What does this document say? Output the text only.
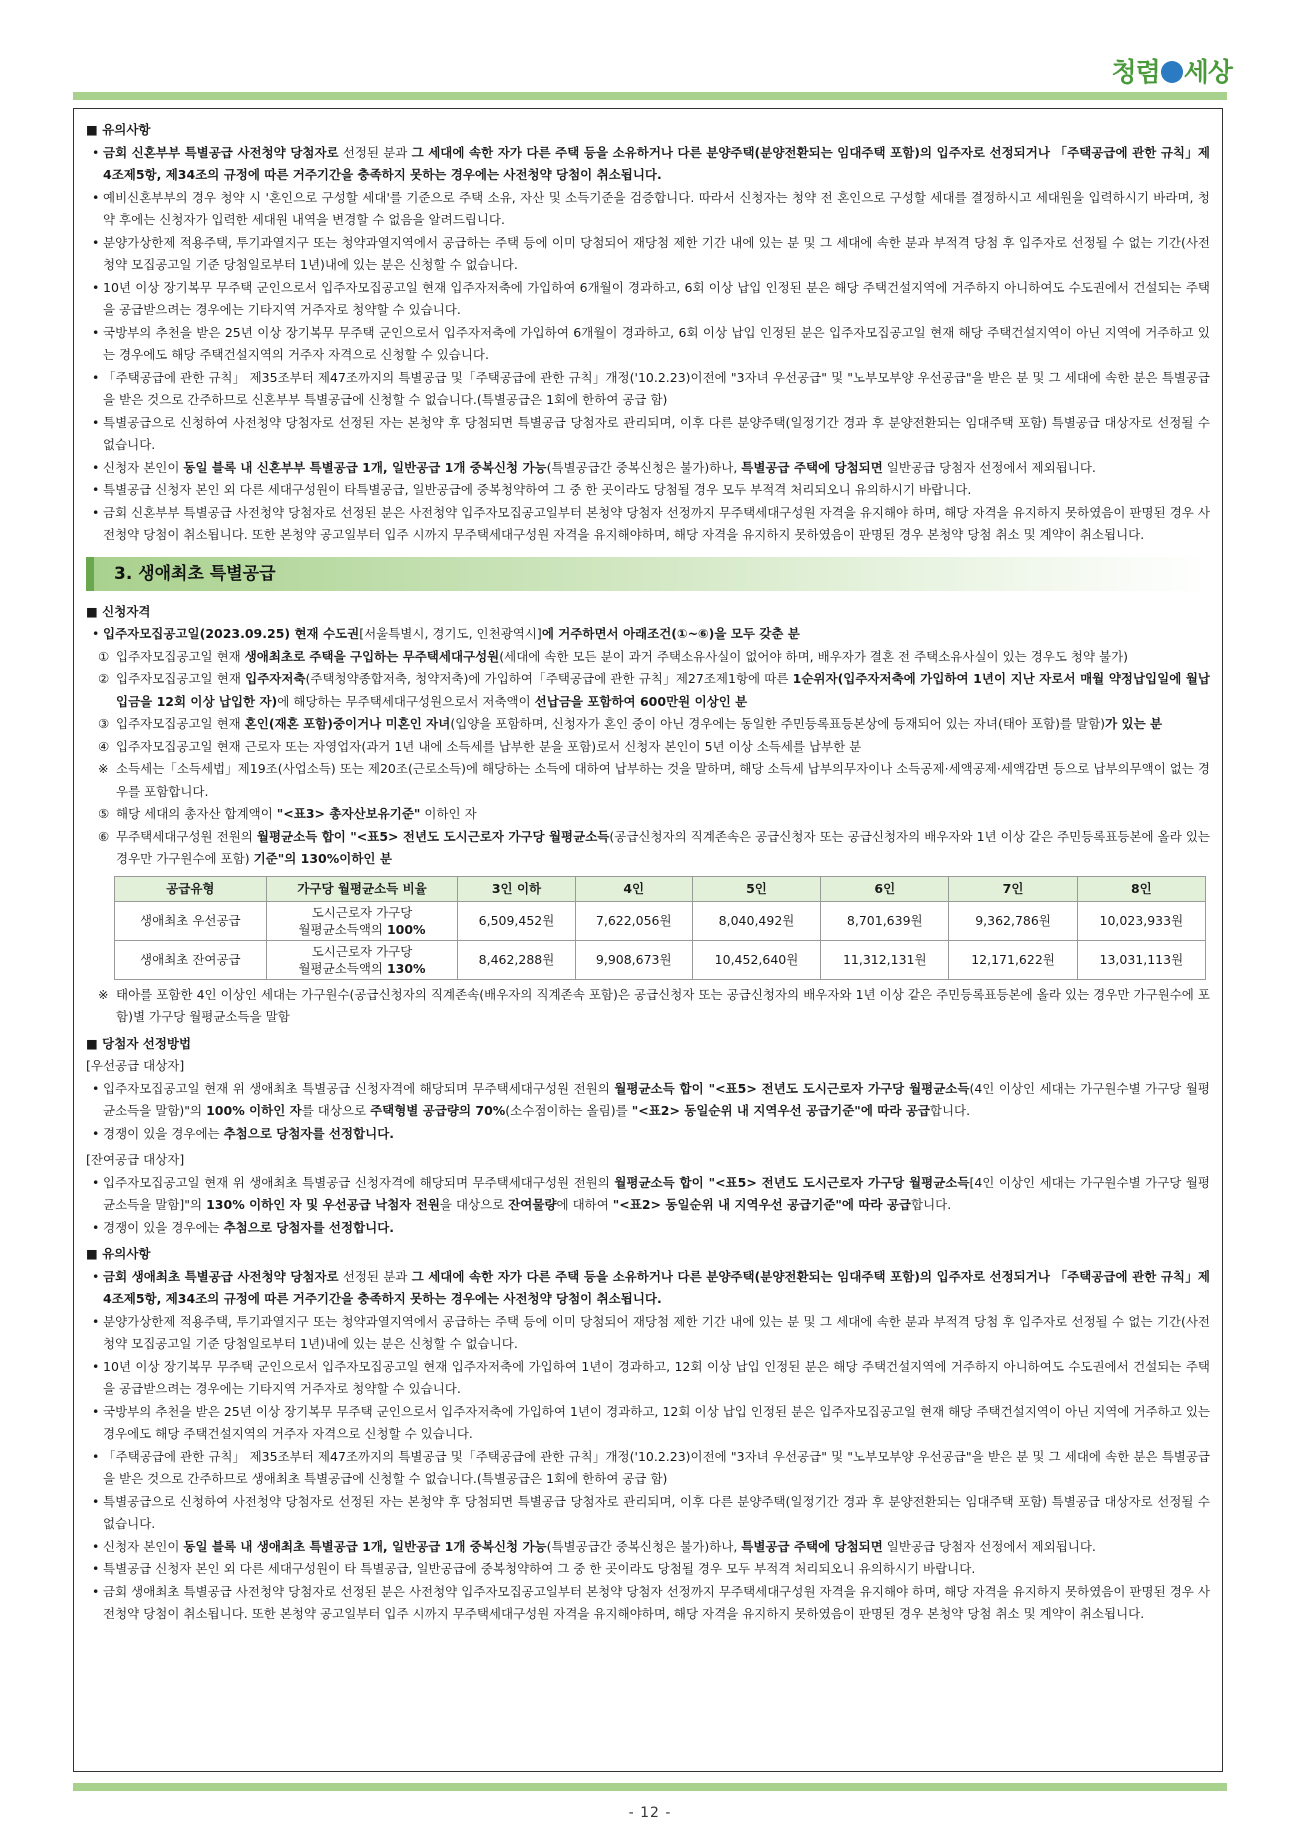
청렴 세상
■ 유의사항
• 금회 신혼부부 특별공급 사전청약 당첨자로 선정된 분과 그 세대에 속한 자가 다른 주택 등을 소유하거나 다른 분양주택(분양전환되는 임대주택 포함)의 입주자로 선정되거나 「주택공급에 관한 규칙」제4조제5항, 제34조의 규정에 따른 거주기간을 충족하지 못하는 경우에는 사전청약 당첨이 취소됩니다.
• 예비신혼부부의 경우 청약 시 '혼인으로 구성할 세대'를 기준으로 주택 소유, 자산 및 소득기준을 검증합니다. 따라서 신청자는 청약 전 혼인으로 구성할 세대를 결정하시고 세대원을 입력하시기 바라며, 청약 후에는 신청자가 입력한 세대원 내역을 변경할 수 없음을 알려드립니다.
• 분양가상한제 적용주택, 투기과열지구 또는 청약과열지역에서 공급하는 주택 등에 이미 당첨되어 재당첨 제한 기간 내에 있는 분 및 그 세대에 속한 분과 부적격 당첨 후 입주자로 선정될 수 없는 기간(사전청약 모집공고일 기준 당첨일로부터 1년)내에 있는 분은 신청할 수 없습니다.
• 10년 이상 장기복무 무주택 군인으로서 입주자모집공고일 현재 입주자저축에 가입하여 6개월이 경과하고, 6회 이상 납입 인정된 분은 해당 주택건설지역에 거주하지 아니하여도 수도권에서 건설되는 주택을 공급받으려는 경우에는 기타지역 거주자로 청약할 수 있습니다.
• 국방부의 추천을 받은 25년 이상 장기복무 무주택 군인으로서 입주자저축에 가입하여 6개월이 경과하고, 6회 이상 납입 인정된 분은 입주자모집공고일 현재 해당 주택건설지역이 아닌 지역에 거주하고 있는 경우에도 해당 주택건설지역의 거주자 자격으로 신청할 수 있습니다.
• 「주택공급에 관한 규칙」 제35조부터 제47조까지의 특별공급 및「주택공급에 관한 규칙」개정('10.2.23)이전에 "3자녀 우선공급" 및 "노부모부양 우선공급"을 받은 분 및 그 세대에 속한 분은 특별공급을 받은 것으로 간주하므로 신혼부부 특별공급에 신청할 수 없습니다.(특별공급은 1회에 한하여 공급 함)
• 특별공급으로 신청하여 사전청약 당첨자로 선정된 자는 본청약 후 당첨되면 특별공급 당첨자로 관리되며, 이후 다른 분양주택(일정기간 경과 후 분양전환되는 임대주택 포함) 특별공급 대상자로 선정될 수 없습니다.
• 신청자 본인이 동일 블록 내 신혼부부 특별공급 1개, 일반공급 1개 중복신청 가능(특별공급간 중복신청은 불가)하나, 특별공급 주택에 당첨되면 일반공급 당첨자 선정에서 제외됩니다.
• 특별공급 신청자 본인 외 다른 세대구성원이 타특별공급, 일반공급에 중복청약하여 그 중 한 곳이라도 당첨될 경우 모두 부적격 처리되오니 유의하시기 바랍니다.
• 금회 신혼부부 특별공급 사전청약 당첨자로 선정된 분은 사전청약 입주자모집공고일부터 본청약 당첨자 선정까지 무주택세대구성원 자격을 유지해야 하며, 해당 자격을 유지하지 못하였음이 판명된 경우 사전청약 당첨이 취소됩니다. 또한 본청약 공고일부터 입주 시까지 무주택세대구성원 자격을 유지해야하며, 해당 자격을 유지하지 못하였음이 판명된 경우 본청약 당첨 취소 및 계약이 취소됩니다.
3. 생애최초 특별공급
■ 신청자격
• 입주자모집공고일(2023.09.25) 현재 수도권[서울특별시, 경기도, 인천광역시]에 거주하면서 아래조건(①~⑥)을 모두 갖춘 분
① 입주자모집공고일 현재 생애최초로 주택을 구입하는 무주택세대구성원(세대에 속한 모든 분이 과거 주택소유사실이 없어야 하며, 배우자가 결혼 전 주택소유사실이 있는 경우도 청약 불가)
② 입주자모집공고일 현재 입주자저축(주택청약종합저축, 청약저축)에 가입하여「주택공급에 관한 규칙」제27조제1항에 따른 1순위자(입주자저축에 가입하여 1년이 지난 자로서 매월 약정납입일에 월납입금을 12회 이상 납입한 자)에 해당하는 무주택세대구성원으로서 저축액이 선납금을 포함하여 600만원 이상인 분
③ 입주자모집공고일 현재 혼인(재혼 포함)중이거나 미혼인 자녀(입양을 포함하며, 신청자가 혼인 중이 아닌 경우에는 동일한 주민등록표등본상에 등재되어 있는 자녀(태아 포함)를 말함)가 있는 분
④ 입주자모집공고일 현재 근로자 또는 자영업자(과거 1년 내에 소득세를 납부한 분을 포함)로서 신청자 본인이 5년 이상 소득세를 납부한 분
※ 소득세는「소득세법」제19조(사업소득) 또는 제20조(근로소득)에 해당하는 소득에 대하여 납부하는 것을 말하며, 해당 소득세 납부의무자이나 소득공제·세액공제·세액감면 등으로 납부의무액이 없는 경우를 포함합니다.
⑤ 해당 세대의 총자산 합계액이 "<표3> 총자산보유기준" 이하인 자
⑥ 무주택세대구성원 전원의 월평균소득 합이 "<표5> 전년도 도시근로자 가구당 월평균소득(공급신청자의 직계존속은 공급신청자 또는 공급신청자의 배우자와 1년 이상 같은 주민등록표등본에 올라 있는 경우만 가구원수에 포함) 기준"의 130%이하인 분
공급유형	가구당 월평균소득 비율	3인 이하	4인	5인	6인	7인	8인
생애최초 우선공급	도시근로자 가구당
월평균소득액의 100%	6,509,452원	7,622,056원	8,040,492원	8,701,639원	9,362,786원	10,023,933원
생애최초 잔여공급	도시근로자 가구당
월평균소득액의 130%	8,462,288원	9,908,673원	10,452,640원	11,312,131원	12,171,622원	13,031,113원
※ 태아를 포함한 4인 이상인 세대는 가구원수(공급신청자의 직계존속(배우자의 직계존속 포함)은 공급신청자 또는 공급신청자의 배우자와 1년 이상 같은 주민등록표등본에 올라 있는 경우만 가구원수에 포함)별 가구당 월평균소득을 말함
■ 당첨자 선정방법
[우선공급 대상자]
• 입주자모집공고일 현재 위 생애최초 특별공급 신청자격에 해당되며 무주택세대구성원 전원의 월평균소득 합이 "<표5> 전년도 도시근로자 가구당 월평균소득(4인 이상인 세대는 가구원수별 가구당 월평균소득을 말함)"의 100% 이하인 자를 대상으로 주택형별 공급량의 70%(소수점이하는 올림)를 "<표2> 동일순위 내 지역우선 공급기준"에 따라 공급합니다.
• 경쟁이 있을 경우에는 추첨으로 당첨자를 선정합니다.
[잔여공급 대상자]
• 입주자모집공고일 현재 위 생애최초 특별공급 신청자격에 해당되며 무주택세대구성원 전원의 월평균소득 합이 "<표5> 전년도 도시근로자 가구당 월평균소득[4인 이상인 세대는 가구원수별 가구당 월평균소득을 말함]"의 130% 이하인 자 및 우선공급 낙첨자 전원을 대상으로 잔여물량에 대하여 "<표2> 동일순위 내 지역우선 공급기준"에 따라 공급합니다.
• 경쟁이 있을 경우에는 추첨으로 당첨자를 선정합니다.
■ 유의사항
• 금회 생애최초 특별공급 사전청약 당첨자로 선정된 분과 그 세대에 속한 자가 다른 주택 등을 소유하거나 다른 분양주택(분양전환되는 임대주택 포함)의 입주자로 선정되거나 「주택공급에 관한 규칙」제4조제5항, 제34조의 규정에 따른 거주기간을 충족하지 못하는 경우에는 사전청약 당첨이 취소됩니다.
• 분양가상한제 적용주택, 투기과열지구 또는 청약과열지역에서 공급하는 주택 등에 이미 당첨되어 재당첨 제한 기간 내에 있는 분 및 그 세대에 속한 분과 부적격 당첨 후 입주자로 선정될 수 없는 기간(사전청약 모집공고일 기준 당첨일로부터 1년)내에 있는 분은 신청할 수 없습니다.
• 10년 이상 장기복무 무주택 군인으로서 입주자모집공고일 현재 입주자저축에 가입하여 1년이 경과하고, 12회 이상 납입 인정된 분은 해당 주택건설지역에 거주하지 아니하여도 수도권에서 건설되는 주택을 공급받으려는 경우에는 기타지역 거주자로 청약할 수 있습니다.
• 국방부의 추천을 받은 25년 이상 장기복무 무주택 군인으로서 입주자저축에 가입하여 1년이 경과하고, 12회 이상 납입 인정된 분은 입주자모집공고일 현재 해당 주택건설지역이 아닌 지역에 거주하고 있는 경우에도 해당 주택건설지역의 거주자 자격으로 신청할 수 있습니다.
• 「주택공급에 관한 규칙」 제35조부터 제47조까지의 특별공급 및「주택공급에 관한 규칙」개정('10.2.23)이전에 "3자녀 우선공급" 및 "노부모부양 우선공급"을 받은 분 및 그 세대에 속한 분은 특별공급을 받은 것으로 간주하므로 생애최초 특별공급에 신청할 수 없습니다.(특별공급은 1회에 한하여 공급 함)
• 특별공급으로 신청하여 사전청약 당첨자로 선정된 자는 본청약 후 당첨되면 특별공급 당첨자로 관리되며, 이후 다른 분양주택(일정기간 경과 후 분양전환되는 임대주택 포함) 특별공급 대상자로 선정될 수 없습니다.
• 신청자 본인이 동일 블록 내 생애최초 특별공급 1개, 일반공급 1개 중복신청 가능(특별공급간 중복신청은 불가)하나, 특별공급 주택에 당첨되면 일반공급 당첨자 선정에서 제외됩니다.
• 특별공급 신청자 본인 외 다른 세대구성원이 타 특별공급, 일반공급에 중복청약하여 그 중 한 곳이라도 당첨될 경우 모두 부적격 처리되오니 유의하시기 바랍니다.
• 금회 생애최초 특별공급 사전청약 당첨자로 선정된 분은 사전청약 입주자모집공고일부터 본청약 당첨자 선정까지 무주택세대구성원 자격을 유지해야 하며, 해당 자격을 유지하지 못하였음이 판명된 경우 사전청약 당첨이 취소됩니다. 또한 본청약 공고일부터 입주 시까지 무주택세대구성원 자격을 유지해야하며, 해당 자격을 유지하지 못하였음이 판명된 경우 본청약 당첨 취소 및 계약이 취소됩니다.
- 12 -
